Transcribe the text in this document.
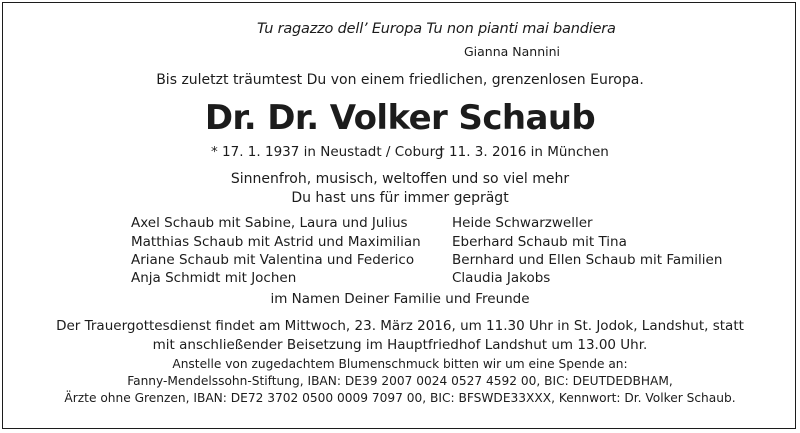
Tu ragazzo dell’ Europa Tu non pianti mai bandiera
Gianna Nannini
Bis zuletzt träumtest Du von einem friedlichen, grenzenlosen Europa.
Dr. Dr. Volker Schaub
* 17. 1. 1937 in Neustadt / Coburg
† 11. 3. 2016 in München
Sinnenfroh, musisch, weltoffen und so viel mehr
Du hast uns für immer geprägt
Axel Schaub mit Sabine, Laura und Julius
Matthias Schaub mit Astrid und Maximilian
Ariane Schaub mit Valentina und Federico
Anja Schmidt mit Jochen
Heide Schwarzweller
Eberhard Schaub mit Tina
Bernhard und Ellen Schaub mit Familien
Claudia Jakobs
im Namen Deiner Familie und Freunde
Der Trauergottesdienst findet am Mittwoch, 23. März 2016, um 11.30 Uhr in St. Jodok, Landshut, statt
mit anschließender Beisetzung im Hauptfriedhof Landshut um 13.00 Uhr.
Anstelle von zugedachtem Blumenschmuck bitten wir um eine Spende an:
Fanny-Mendelssohn-Stiftung, IBAN: DE39 2007 0024 0527 4592 00, BIC: DEUTDEDBHAM,
Ärzte ohne Grenzen, IBAN: DE72 3702 0500 0009 7097 00, BIC: BFSWDE33XXX, Kennwort: Dr. Volker Schaub.
